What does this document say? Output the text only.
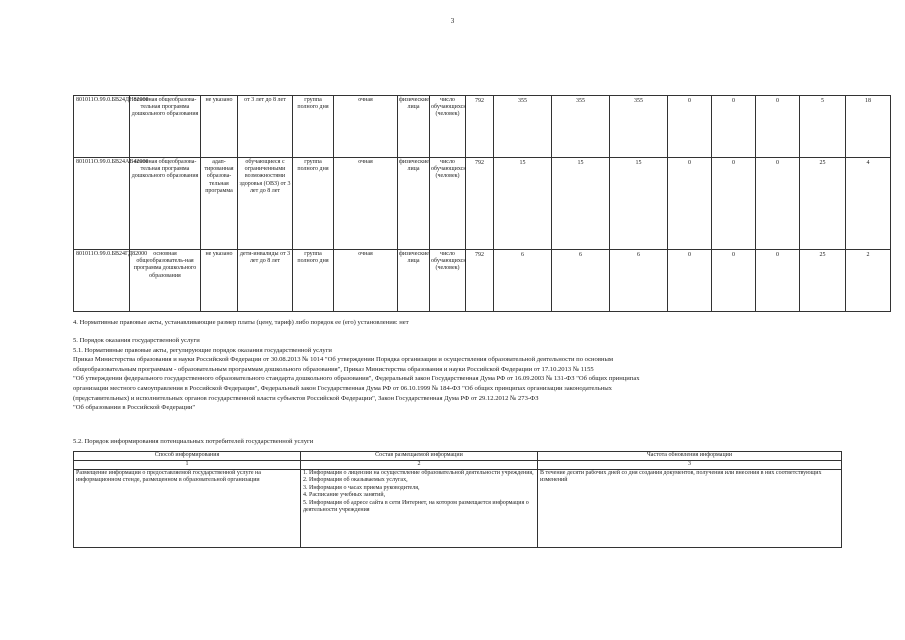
3
801011О.99.0.БВ24ДН82000	основная общеобразова-тельная программа дошкольного образования	не указано	от 3 лет до 8 лет	группа полного дня	очная	физические лица	число обучающихся (человек)	792	355	355	355	0	0	0	5	18
801011О.99.0.БВ24АВ42000	основная общеобразова-тельная программа дошкольного образования	адап-тированная образова-тельная программа	обучающиеся с ограниченными возможностями здоровья (ОВЗ) от 3 лет до 8 лет	группа полного дня	очная	физические лица	число обучающихся (человек)	792	15	15	15	0	0	0	25	4
801011О.99.0.БВ24ГД82000	основная общеобразователь-ная программа дошкольного образования	не указано	дети-инвалиды от 3 лет до 8 лет	группа полного дня	очная	физические лица	число обучающихся (человек)	792	6	6	6	0	0	0	25	2

4. Нормативные правовые акты, устанавливающие размер платы (цену, тариф) либо порядок ее (его) установления: нет

5. Порядок оказания государственной услуги

5.1. Нормативные правовые акты, регулирующие порядок оказания государственной услуги

Приказ Министерства образования и науки Российской Федерации от 30.08.2013 № 1014 "Об утверждении Порядка организации и осуществления образовательной деятельности по основным

общеобразовательным программам - образовательным программам дошкольного образования", Приказ Министерства образования и науки Российской Федерации от 17.10.2013 № 1155

"Об утверждении федерального государственного образовательного стандарта дошкольного образования", Федеральный закон Государственная Дума РФ от 16.09.2003 № 131-ФЗ "Об общих принципах

организации местного самоуправления в Российской Федерации", Федеральный закон Государственная Дума РФ от 06.10.1999 № 184-ФЗ "Об общих принципах организации законодательных

(представительных) и исполнительных органов государственной власти субъектов Российской Федерации", Закон Государственная Дума РФ от 29.12.2012 № 273-ФЗ

"Об образовании в Российской Федерации"

5.2. Порядок информирования потенциальных потребителей государственной услуги

Способ информирования	Состав размещаемой информации	Частота обновления информации
1	2	3
Размещение информации о предоставляемой государственной услуге на информационном стенде, размещенном в образовательной организации	1. Информация о лицензии на осуществление образовательной деятельности учреждения,

2. Информация об оказываемых услугах,

3. Информация о часах приема руководителя,

4. Расписание учебных занятий,

5. Информация об адресе сайта в сети Интернет, на котором размещается информация о деятельности учреждения	В течение десяти рабочих дней со дня создания документов, получения или внесения в них соответствующих изменений
